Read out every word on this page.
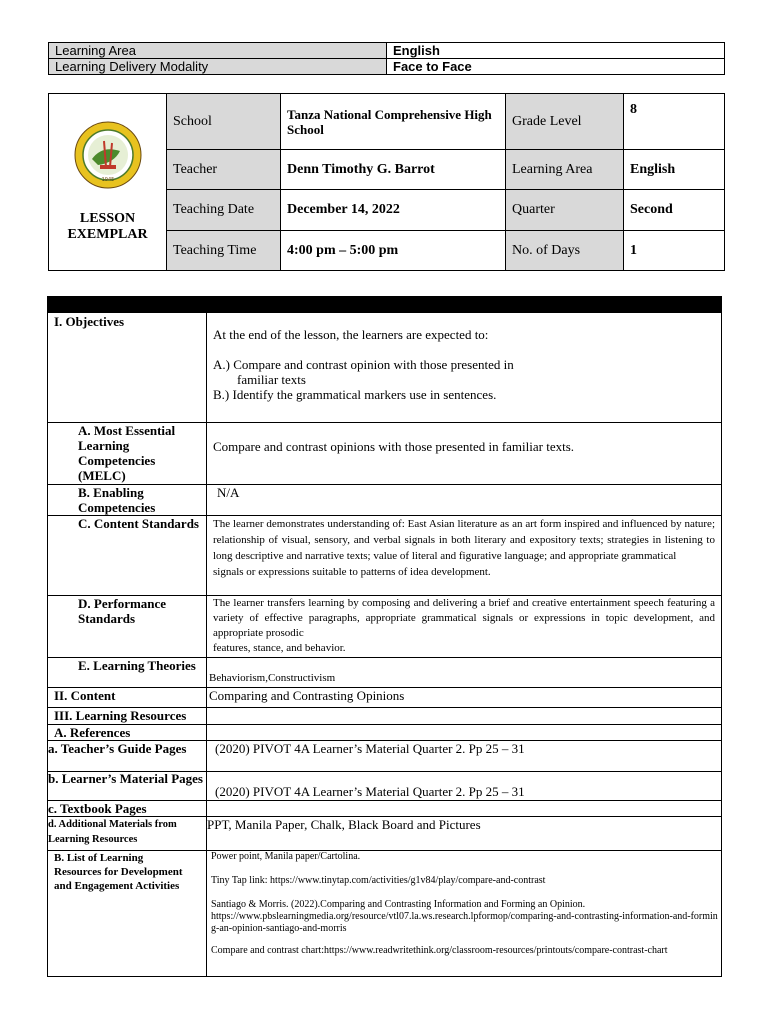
Learning Area	English
Learning Delivery Modality	Face to Face
1945
LESSON
EXEMPLAR	School	Tanza National Comprehensive High School	Grade Level	8
	Teacher	Denn Timothy G. Barrot	Learning Area	English
	Teaching Date	December 14, 2022	Quarter	Second
	Teaching Time	4:00 pm – 5:00 pm	No. of Days	1

I. Objectives	At the end of the lesson, the learners are expected to:
A.) Compare and contrast opinion with those presented in
familiar texts
B.) Identify the grammatical markers use in sentences.

A. Most Essential Learning Competencies (MELC)	Compare and contrast opinions with those presented in familiar texts.
B. Enabling Competencies	N/A
C. Content Standards	The learner demonstrates understanding of: East Asian literature as an art form inspired and influenced by nature; relationship of visual, sensory, and verbal signals in both literary and expository texts; strategies in listening to long descriptive and narrative texts; value of literal and figurative language; and appropriate grammatical
signals or expressions suitable to patterns of idea development.

D. Performance Standards	The learner transfers learning by composing and delivering a brief and creative entertainment speech featuring a variety of effective paragraphs, appropriate grammatical signals or expressions in topic development, and appropriate prosodic
features, stance, and behavior.

E. Learning Theories	Behaviorism,Constructivism
II. Content	Comparing and Contrasting Opinions
III. Learning Resources	
A. References	
a. Teacher’s Guide Pages	(2020) PIVOT 4A Learner’s Material Quarter 2. Pp 25 – 31
b. Learner’s Material Pages	(2020) PIVOT 4A Learner’s Material Quarter 2. Pp 25 – 31
c. Textbook Pages	
d. Additional Materials from Learning Resources	PPT, Manila Paper, Chalk, Black Board and Pictures
B. List of Learning Resources for Development and Engagement Activities	Power point, Manila paper/Cartolina.
Tiny Tap link: https://www.tinytap.com/activities/g1v84/play/compare-and-contrast
Santiago & Morris. (2022).Comparing and Contrasting Information and Forming an Opinion.
https://www.pbslearningmedia.org/resource/vtl07.la.ws.research.lpformop/comparing-and-contrasting-information-and-forming-an-opinion-santiago-and-morris
Compare and contrast chart:https://www.readwritethink.org/classroom-resources/printouts/compare-contrast-chart
